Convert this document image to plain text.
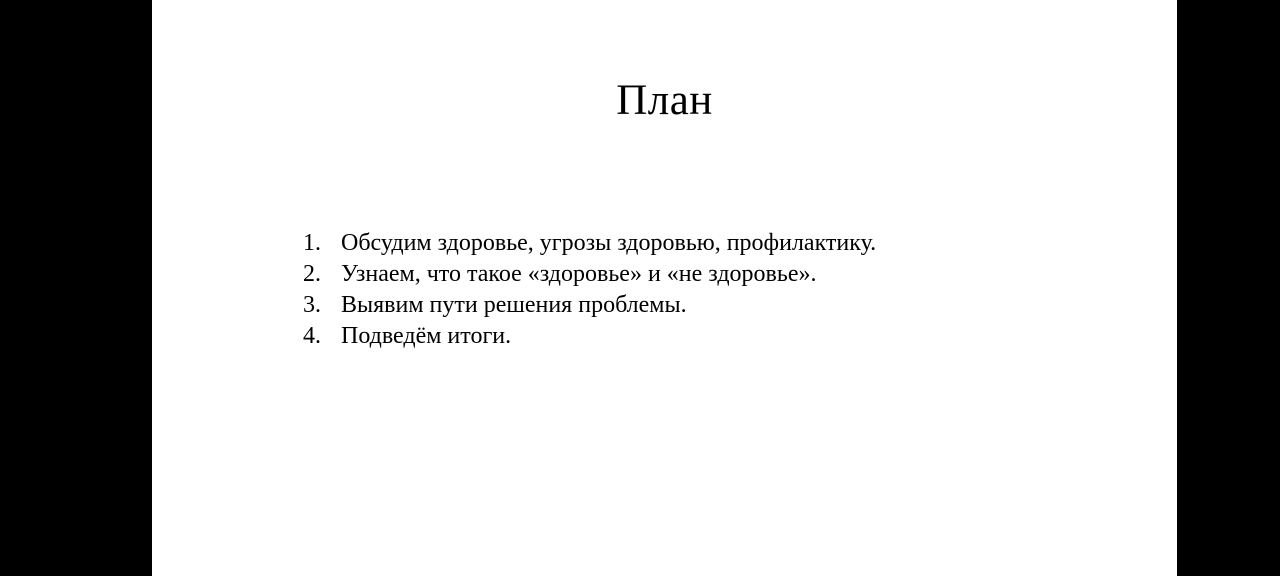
План
1. Обсудим здоровье, угрозы здоровью, профилактику.
2. Узнаем, что такое «здоровье» и «не здоровье».
3. Выявим пути решения проблемы.
4. Подведём итоги.
